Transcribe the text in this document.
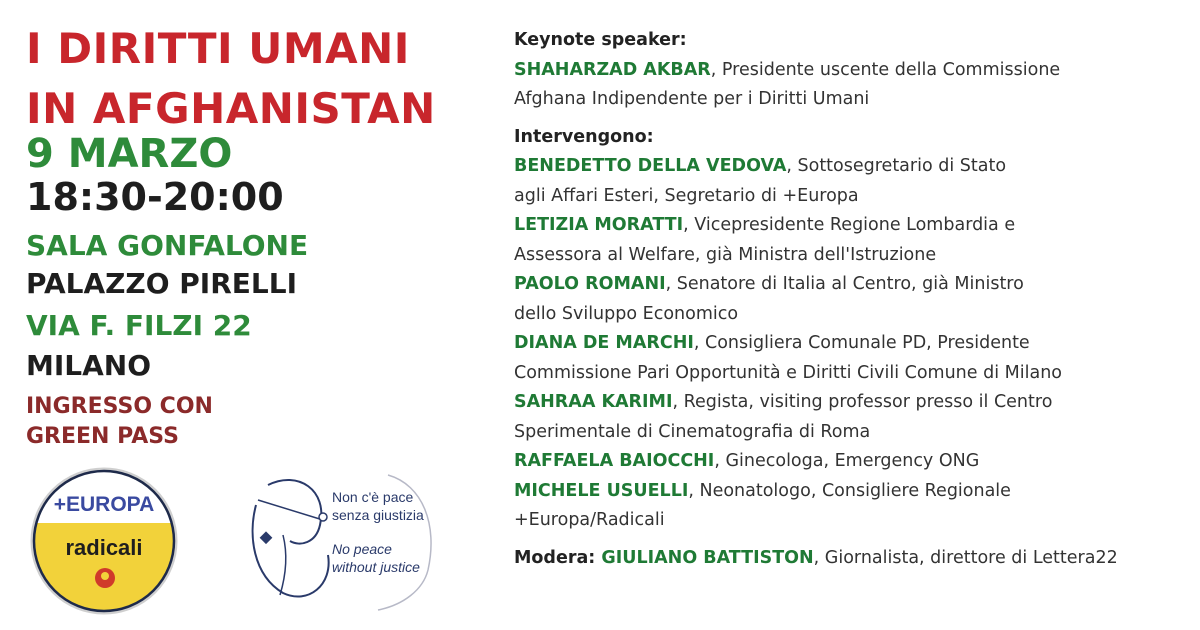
I DIRITTI UMANI
IN AFGHANISTAN
9 MARZO
18:30-20:00
SALA GONFALONE
PALAZZO PIRELLI
VIA F. FILZI 22
MILANO
INGRESSO CON
GREEN PASS
+EUROPA
radicali
Non c'è pace
senza giustizia
No peace
without justice
Keynote speaker:
SHAHARZAD AKBAR, Presidente uscente della Commissione
Afghana Indipendente per i Diritti Umani
Intervengono:
BENEDETTO DELLA VEDOVA, Sottosegretario di Stato
agli Affari Esteri, Segretario di +Europa
LETIZIA MORATTI, Vicepresidente Regione Lombardia e
Assessora al Welfare, già Ministra dell'Istruzione
PAOLO ROMANI, Senatore di Italia al Centro, già Ministro
dello Sviluppo Economico
DIANA DE MARCHI, Consigliera Comunale PD, Presidente
Commissione Pari Opportunità e Diritti Civili Comune di Milano
SAHRAA KARIMI, Regista, visiting professor presso il Centro
Sperimentale di Cinematografia di Roma
RAFFAELA BAIOCCHI, Ginecologa, Emergency ONG
MICHELE USUELLI, Neonatologo, Consigliere Regionale
+Europa/Radicali
Modera: GIULIANO BATTISTON, Giornalista, direttore di Lettera22
